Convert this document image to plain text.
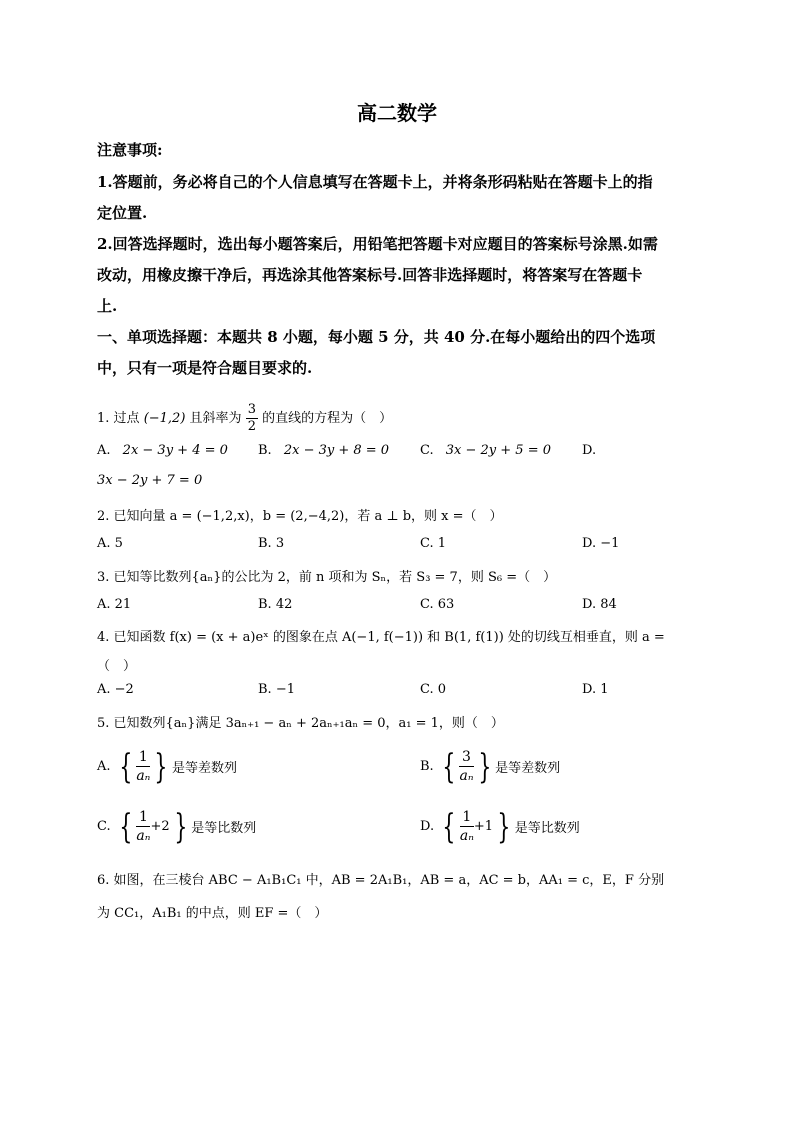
高二数学
注意事项:
1.答题前，务必将自己的个人信息填写在答题卡上，并将条形码粘贴在答题卡上的指
定位置.
2.回答选择题时，选出每小题答案后，用铅笔把答题卡对应题目的答案标号涂黑.如需
改动，用橡皮擦干净后，再选涂其他答案标号.回答非选择题时，将答案写在答题卡
上.
一、单项选择题：本题共 8 小题，每小题 5 分，共 40 分.在每小题给出的四个选项
中，只有一项是符合题目要求的.
1. 过点 (−1,2) 且斜率为 $\frac{3}{2}$ 的直线的方程为（　）
A. 2x − 3y + 4 = 0 B. 2x − 3y + 8 = 0 C. 3x − 2y + 5 = 0 D.
3x − 2y + 7 = 0
2. 已知向量 a = (−1,2,x)，b = (2,−4,2)，若 a ⊥ b，则 x =（　）
A. 5	B. 3	C. 1	D. −1
3. 已知等比数列{aₙ}的公比为 2，前 n 项和为 Sₙ，若 S₃ = 7，则 S₆ =（　）
A. 21	B. 42	C. 63	D. 84
4. 已知函数 f(x) = (x + a)eˣ 的图象在点 A(−1, f(−1)) 和 B(1, f(1)) 处的切线互相垂直，则 a =
（　）
A. −2	B. −1	C. 0	D. 1
5. 已知数列{aₙ}满足 3aₙ₊₁ − aₙ + 2aₙ₊₁aₙ = 0，a₁ = 1，则（　）
A. { $\frac{1}{\text{aₙ}}$ } 是等差数列	B. { $\frac{3}{\text{aₙ}}$ } 是等差数列
C. { $\frac{1}{\text{aₙ}} +2$ } 是等比数列	D. { $\frac{1}{\text{aₙ}} +1$ } 是等比数列
6. 如图，在三棱台 ABC − A₁B₁C₁ 中，AB = 2A₁B₁，AB = a，AC = b，AA₁ = c，E，F 分别
为 CC₁，A₁B₁ 的中点，则 EF =（　）
